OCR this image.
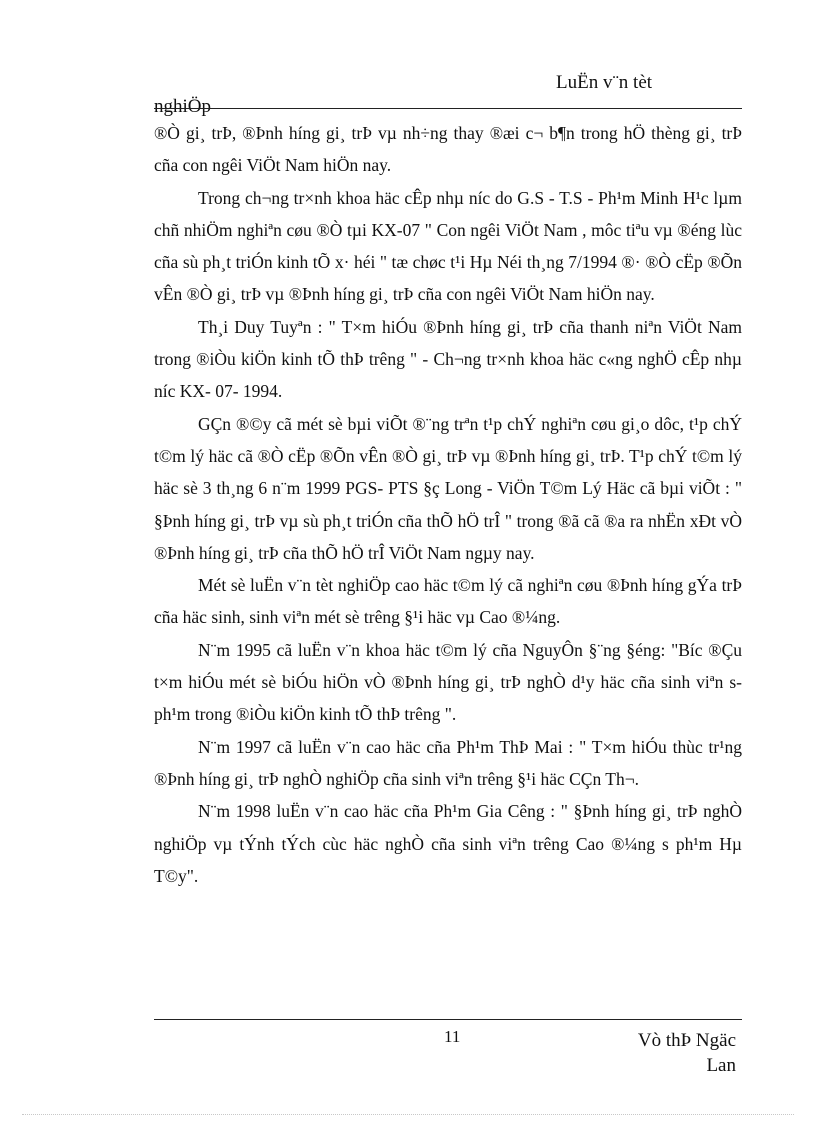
LuËn v¨n tèt
nghiÖp

®Ò gi¸ trÞ, ®Þnh híng gi¸ trÞ vµ nh÷ng thay ®æi c¬ b¶n trong hÖ thèng gi¸ trÞ cña con ngêi ViÖt Nam hiÖn nay.

Trong ch¬ng tr×nh khoa häc cÊp nhµ níc do G.S - T.S - Ph¹m Minh H¹c lµm chñ nhiÖm nghiªn cøu ®Ò tµi KX-07 " Con ngêi ViÖt Nam , môc tiªu vµ ®éng lùc cña sù ph¸t triÓn kinh tÕ x· héi " tæ chøc t¹i Hµ Néi th¸ng 7/1994 ®· ®Ò cËp ®Õn vÊn ®Ò gi¸ trÞ vµ ®Þnh híng gi¸ trÞ cña con ngêi ViÖt Nam hiÖn nay.

Th¸i Duy Tuyªn : " T×m hiÓu ®Þnh híng gi¸ trÞ cña thanh niªn ViÖt Nam trong ®iÒu kiÖn kinh tÕ thÞ trêng " - Ch¬ng tr×nh khoa häc c«ng nghÖ cÊp nhµ níc KX- 07- 1994.

GÇn ®©y cã mét sè bµi viÕt ®¨ng trªn t¹p chÝ nghiªn cøu gi¸o dôc, t¹p chÝ t©m lý häc cã ®Ò cËp ®Õn vÊn ®Ò gi¸ trÞ vµ ®Þnh híng gi¸ trÞ. T¹p chÝ t©m lý häc sè 3 th¸ng 6 n¨m 1999 PGS- PTS §ç Long - ViÖn T©m Lý Häc cã bµi viÕt : " §Þnh híng gi¸ trÞ vµ sù ph¸t triÓn cña thÕ hÖ trÎ " trong ®ã cã ®a ra nhËn xÐt vÒ ®Þnh híng gi¸ trÞ cña thÕ hÖ trÎ ViÖt Nam ngµy nay.

Mét sè luËn v¨n tèt nghiÖp cao häc t©m lý cã nghiªn cøu ®Þnh híng gÝa trÞ cña häc sinh, sinh viªn mét sè trêng §¹i häc vµ Cao ®¼ng.

N¨m 1995 cã luËn v¨n khoa häc t©m lý cña NguyÔn §¨ng §éng: "Bíc ®Çu t×m hiÓu mét sè biÓu hiÖn vÒ ®Þnh híng gi¸ trÞ nghÒ d¹y häc cña sinh viªn s ph¹m trong ®iÒu kiÖn kinh tÕ thÞ trêng ".

N¨m 1997 cã luËn v¨n cao häc cña Ph¹m ThÞ Mai : " T×m hiÓu thùc tr¹ng ®Þnh híng gi¸ trÞ nghÒ nghiÖp cña sinh viªn trêng §¹i häc CÇn Th¬.

N¨m 1998 luËn v¨n cao häc cña Ph¹m Gia Cêng : " §Þnh híng gi¸ trÞ nghÒ nghiÖp vµ tÝnh tÝch cùc häc nghÒ cña sinh viªn trêng Cao ®¼ng s ph¹m Hµ T©y".

11	Vò thÞ Ngäc
Lan
